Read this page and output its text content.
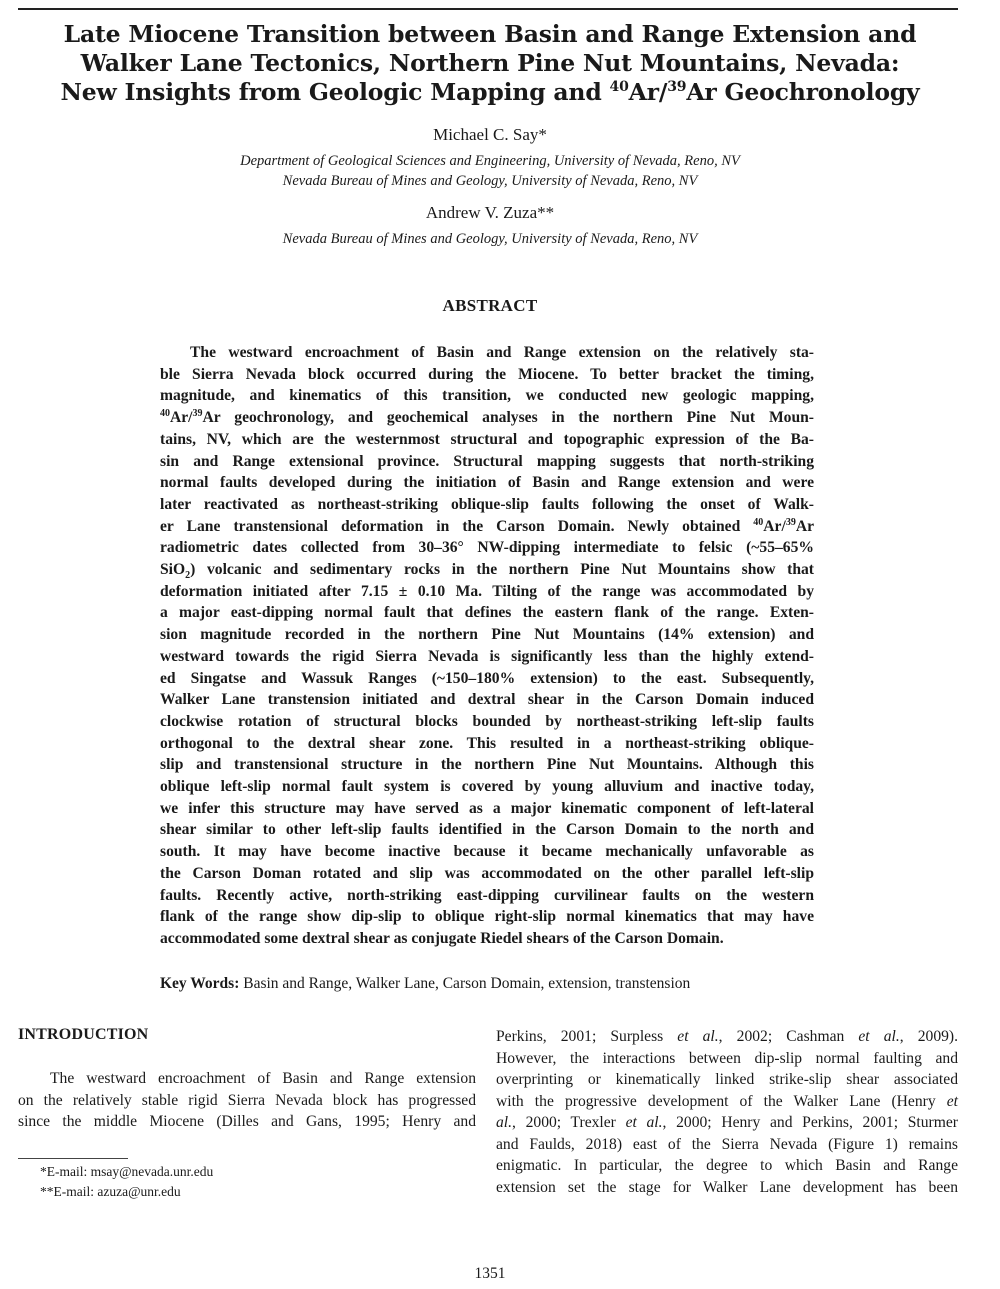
Late Miocene Transition between Basin and Range Extension and
Walker Lane Tectonics, Northern Pine Nut Mountains, Nevada:
New Insights from Geologic Mapping and $^{40}$Ar/$^{39}$Ar Geochronology
Michael C. Say*
Department of Geological Sciences and Engineering, University of Nevada, Reno, NV
Nevada Bureau of Mines and Geology, University of Nevada, Reno, NV
Andrew V. Zuza**
Nevada Bureau of Mines and Geology, University of Nevada, Reno, NV
ABSTRACT
The westward encroachment of Basin and Range extension on the relatively sta-
ble Sierra Nevada block occurred during the Miocene. To better bracket the timing,
magnitude, and kinematics of this transition, we conducted new geologic mapping,
$^{40}$Ar/$^{39}$Ar geochronology, and geochemical analyses in the northern Pine Nut Moun-
tains, NV, which are the westernmost structural and topographic expression of the Ba-
sin and Range extensional province. Structural mapping suggests that north-striking
normal faults developed during the initiation of Basin and Range extension and were
later reactivated as northeast-striking oblique-slip faults following the onset of Walk-
er Lane transtensional deformation in the Carson Domain. Newly obtained $^{40}$Ar/$^{39}$Ar
radiometric dates collected from 30–36° NW-dipping intermediate to felsic (~55–65%
SiO$_2$) volcanic and sedimentary rocks in the northern Pine Nut Mountains show that
deformation initiated after 7.15 ± 0.10 Ma. Tilting of the range was accommodated by
a major east-dipping normal fault that defines the eastern flank of the range. Exten-
sion magnitude recorded in the northern Pine Nut Mountains (14% extension) and
westward towards the rigid Sierra Nevada is significantly less than the highly extend-
ed Singatse and Wassuk Ranges (~150–180% extension) to the east. Subsequently,
Walker Lane transtension initiated and dextral shear in the Carson Domain induced
clockwise rotation of structural blocks bounded by northeast-striking left-slip faults
orthogonal to the dextral shear zone. This resulted in a northeast-striking oblique-
slip and transtensional structure in the northern Pine Nut Mountains. Although this
oblique left-slip normal fault system is covered by young alluvium and inactive today,
we infer this structure may have served as a major kinematic component of left-lateral
shear similar to other left-slip faults identified in the Carson Domain to the north and
south. It may have become inactive because it became mechanically unfavorable as
the Carson Doman rotated and slip was accommodated on the other parallel left-slip
faults. Recently active, north-striking east-dipping curvilinear faults on the western
flank of the range show dip-slip to oblique right-slip normal kinematics that may have
accommodated some dextral shear as conjugate Riedel shears of the Carson Domain.
Key Words: Basin and Range, Walker Lane, Carson Domain, extension, transtension
INTRODUCTION
The westward encroachment of Basin and Range extension
on the relatively stable rigid Sierra Nevada block has progressed
since the middle Miocene (Dilles and Gans, 1995; Henry and
Perkins, 2001; Surpless et al., 2002; Cashman et al., 2009).
However, the interactions between dip-slip normal faulting and
overprinting or kinematically linked strike-slip shear associated
with the progressive development of the Walker Lane (Henry et
al., 2000; Trexler et al., 2000; Henry and Perkins, 2001; Sturmer
and Faulds, 2018) east of the Sierra Nevada (Figure 1) remains
enigmatic. In particular, the degree to which Basin and Range
extension set the stage for Walker Lane development has been
*E-mail: msay@nevada.unr.edu
**E-mail: azuza@unr.edu
1351
